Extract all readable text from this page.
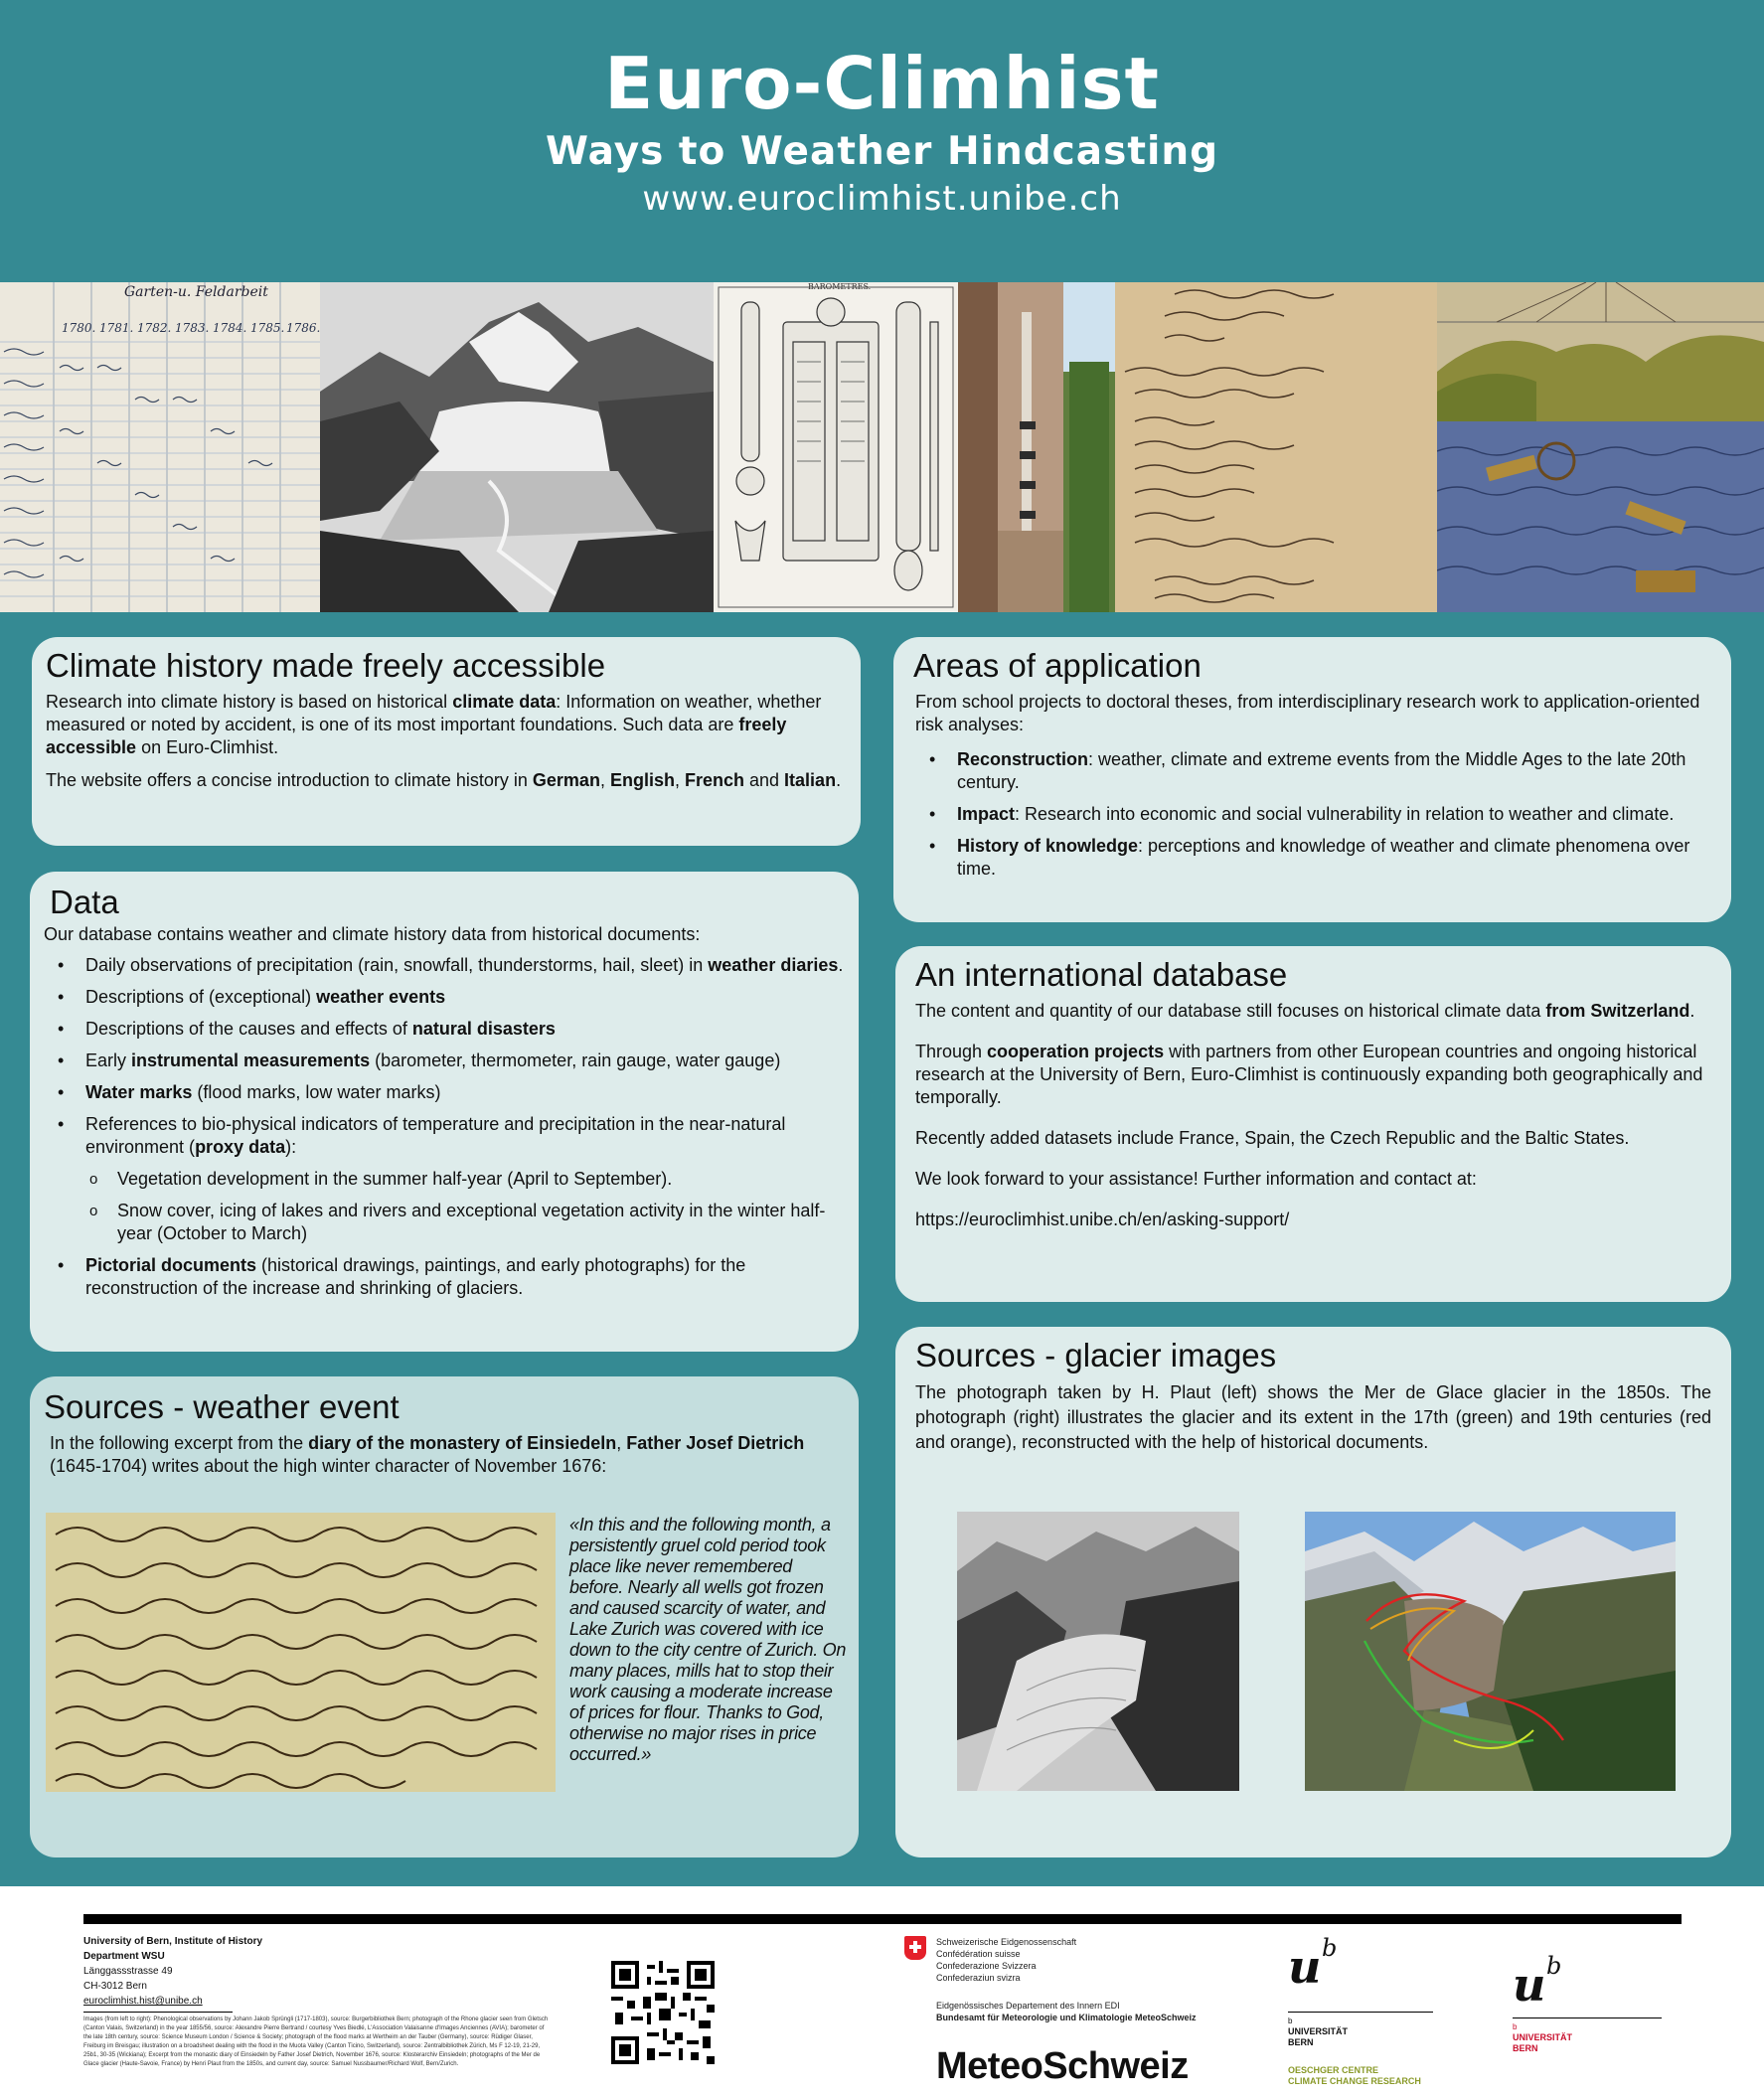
Euro-Climhist
Ways to Weather Hindcasting
www.euroclimhist.unibe.ch
Garten-u. Feldarbeit
1780. 1781. 1782. 1783. 1784. 1785. 1786.
BAROMETRES.
Climate history made freely accessible

Research into climate history is based on historical climate data: Information on weather, whether measured or noted by accident, is one of its most important foundations. Such data are freely accessible on Euro-Climhist.

The website offers a concise introduction to climate history in German, English, French and Italian.

Data

Our database contains weather and climate history data from historical documents:

• Daily observations of precipitation (rain, snowfall, thunderstorms, hail, sleet) in weather diaries.
• Descriptions of (exceptional) weather events
• Descriptions of the causes and effects of natural disasters
• Early instrumental measurements (barometer, thermometer, rain gauge, water gauge)
• Water marks (flood marks, low water marks)
• References to bio-physical indicators of temperature and precipitation in the near-natural environment (proxy data):
o Vegetation development in the summer half-year (April to September).
o Snow cover, icing of lakes and rivers and exceptional vegetation activity in the winter half-year (October to March)
• Pictorial documents (historical drawings, paintings, and early photographs) for the reconstruction of the increase and shrinking of glaciers.
Sources - weather event

In the following excerpt from the diary of the monastery of Einsiedeln, Father Josef Dietrich (1645-1704) writes about the high winter character of November 1676:

«In this and the following month, a persistently gruel cold period took place like never remembered before. Nearly all wells got frozen and caused scarcity of water, and Lake Zurich was covered with ice down to the city centre of Zurich. On many places, mills hat to stop their work causing a moderate increase of prices for flour. Thanks to God, otherwise no major rises in price occurred.»
Areas of application

From school projects to doctoral theses, from interdisciplinary research work to application-oriented risk analyses:

• Reconstruction: weather, climate and extreme events from the Middle Ages to the late 20th century.
• Impact: Research into economic and social vulnerability in relation to weather and climate.
• History of knowledge: perceptions and knowledge of weather and climate phenomena over time.
An international database

The content and quantity of our database still focuses on historical climate data from Switzerland.

Through cooperation projects with partners from other European countries and ongoing historical research at the University of Bern, Euro-Climhist is continuously expanding both geographically and temporally.

Recently added datasets include France, Spain, the Czech Republic and the Baltic States.

We look forward to your assistance! Further information and contact at:

https://euroclimhist.unibe.ch/en/asking-support/

Sources - glacier images

The photograph taken by H. Plaut (left) shows the Mer de Glace glacier in the 1850s. The photograph (right) illustrates the glacier and its extent in the 17th (green) and 19th centuries (red and orange), reconstructed with the help of historical documents.

University of Bern, Institute of History
Department WSU
Länggassstrasse 49
CH-3012 Bern
euroclimhist.hist@unibe.ch
Images (from left to right): Phenological observations by Johann Jakob Sprüngli (1717-1803), source: Burgerbibliothek Bern; photograph of the Rhone glacier seen from Gletsch (Canton Valais, Switzerland) in the year 1855/56, source: Alexandre Pierre Bertrand / courtesy Yves Biedlé, L'Association Valaisanne d'Images Anciennes (AVIA); barometer of the late 18th century, source: Science Museum London / Science & Society; photograph of the flood marks at Wertheim an der Tauber (Germany), source: Rüdiger Glaser, Freiburg im Breisgau; illustration on a broadsheet dealing with the flood in the Muota Valley (Canton Ticino, Switzerland), source: Zentralbibliothek Zürich, Ms F 12-19, 21-29, 25b1, 30-35 (Wickiana); Excerpt from the monastic diary of Einsiedeln by Father Josef Dietrich, November 1676, source: Klosterarchiv Einsiedeln; photographs of the Mer de Glace glacier (Haute-Savoie, France) by Henri Plaut from the 1850s, and current day, source: Samuel Nussbaumer/Richard Wolf, Bern/Zurich.
Schweizerische Eidgenossenschaft
Confédération suisse
Confederazione Svizzera
Confederaziun svizra
Eidgenössisches Departement des Innern EDI
Bundesamt für Meteorologie und Klimatologie MeteoSchweiz
MeteoSchweiz
u b
b
UNIVERSITÄT
BERN
OESCHGER CENTRE
CLIMATE CHANGE RESEARCH
u b
b
UNIVERSITÄT
BERN
